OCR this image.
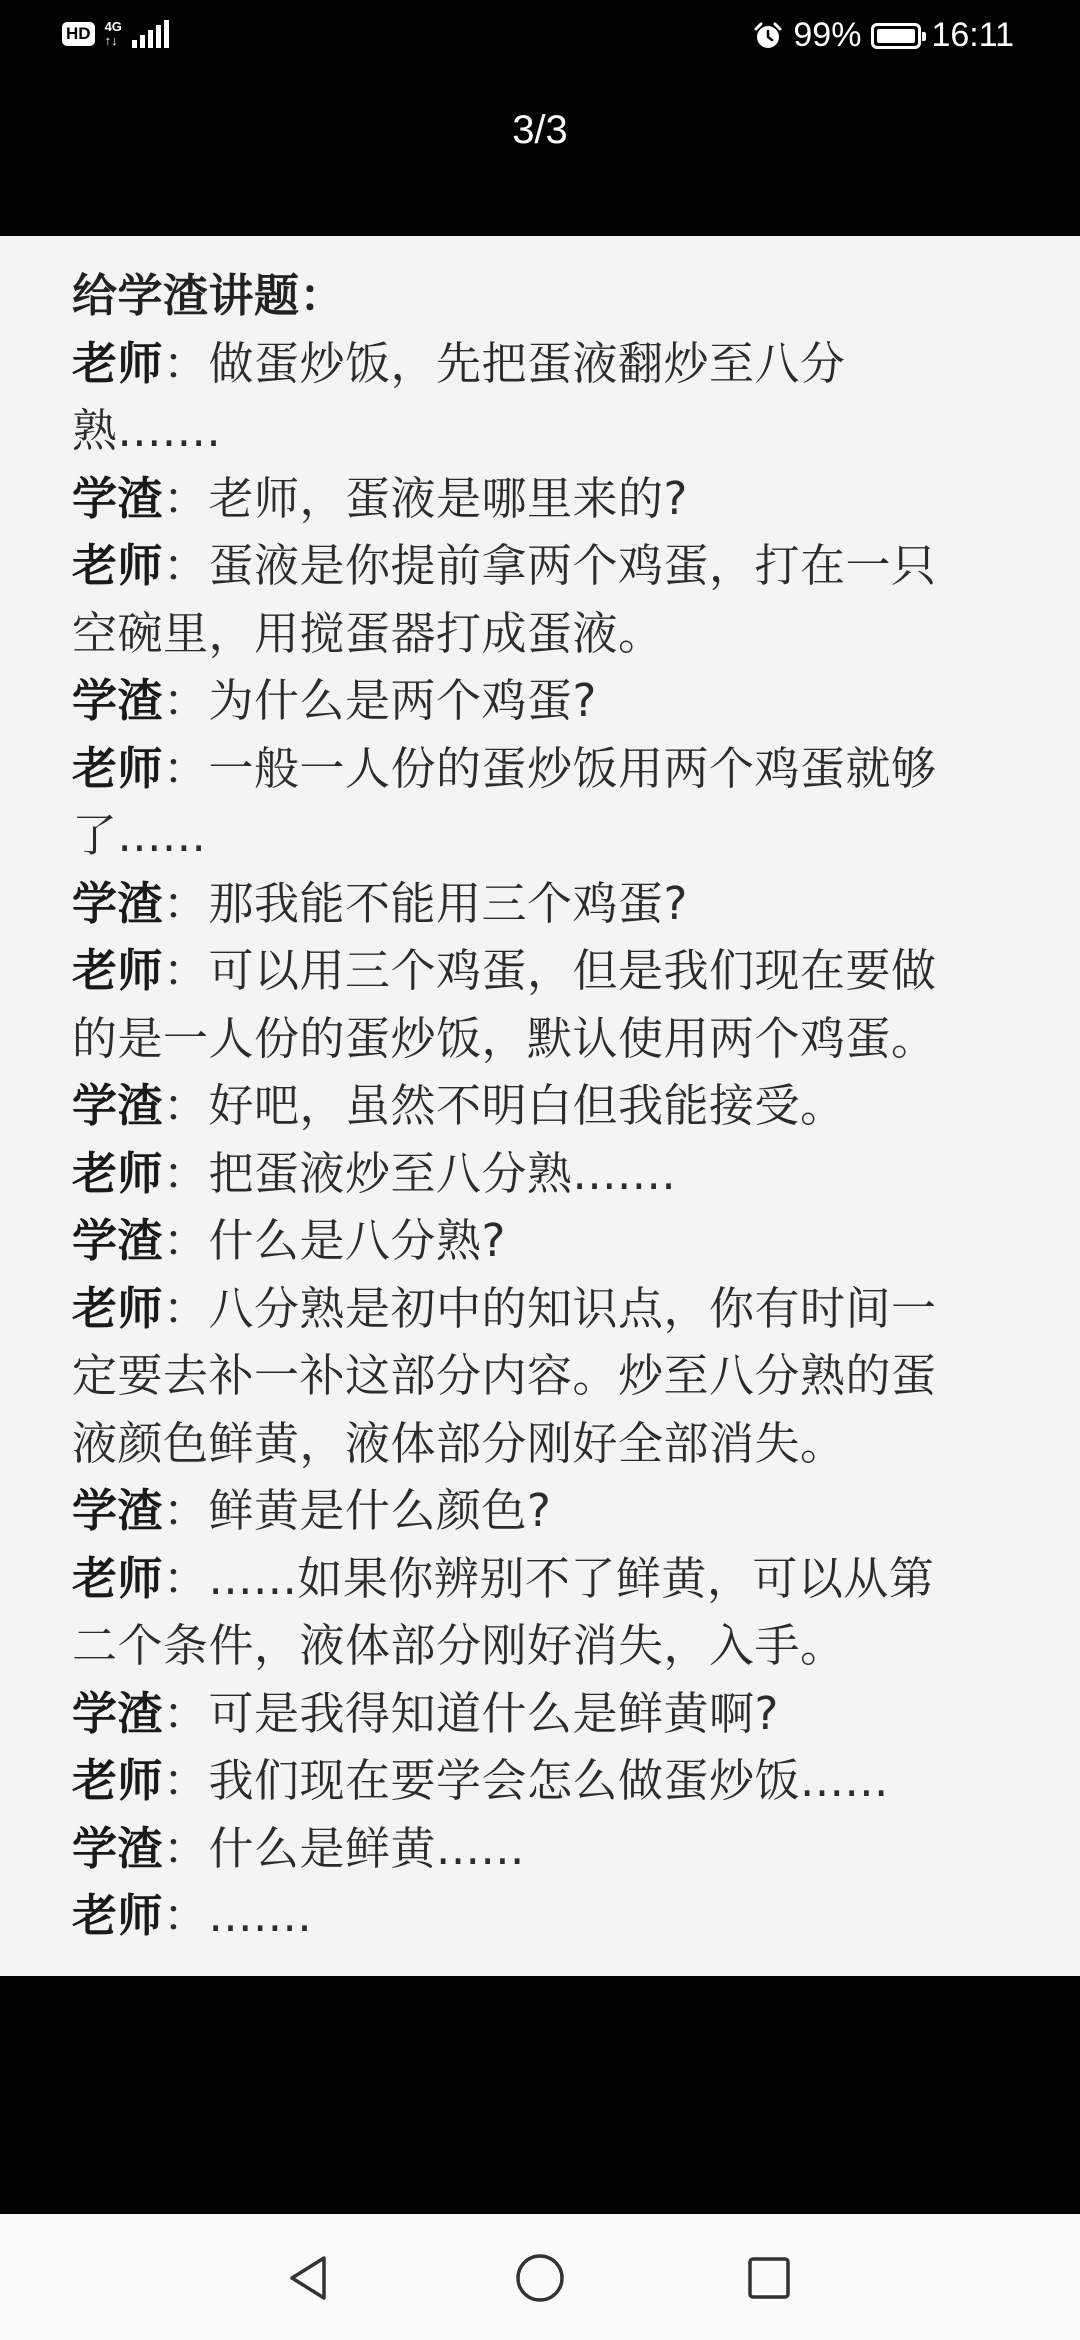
HD	4G
↑↓	99% 16:11
3/3
给学渣讲题：
老师：做蛋炒饭，先把蛋液翻炒至八分
熟.......
学渣：老师，蛋液是哪里来的?
老师：蛋液是你提前拿两个鸡蛋，打在一只
空碗里，用搅蛋器打成蛋液。
学渣：为什么是两个鸡蛋?
老师：一般一人份的蛋炒饭用两个鸡蛋就够
了......
学渣：那我能不能用三个鸡蛋?
老师：可以用三个鸡蛋，但是我们现在要做
的是一人份的蛋炒饭，默认使用两个鸡蛋。
学渣：好吧，虽然不明白但我能接受。
老师：把蛋液炒至八分熟.......
学渣：什么是八分熟?
老师：八分熟是初中的知识点，你有时间一
定要去补一补这部分内容。炒至八分熟的蛋
液颜色鲜黄，液体部分刚好全部消失。
学渣：鲜黄是什么颜色?
老师：......如果你辨别不了鲜黄，可以从第
二个条件，液体部分刚好消失，入手。
学渣：可是我得知道什么是鲜黄啊?
老师：我们现在要学会怎么做蛋炒饭......
学渣：什么是鲜黄......
老师：.......
